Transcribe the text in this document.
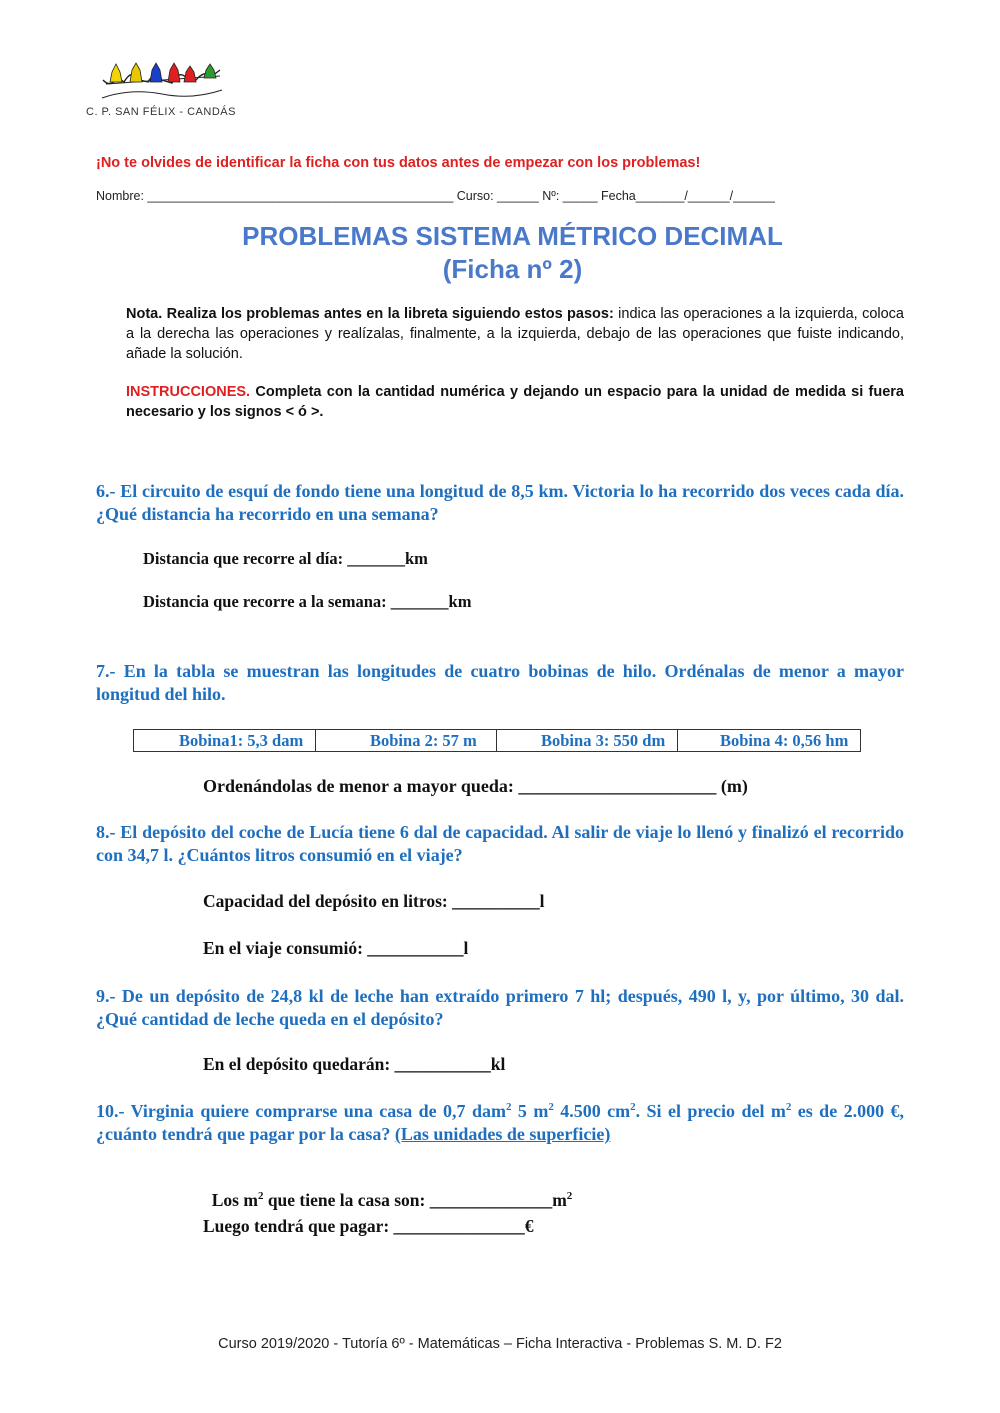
C. P. SAN FÉLIX - CANDÁS
¡No te olvides de identificar la ficha con tus datos antes de empezar con los problemas!
Nombre: ____________________________________________ Curso: ______ Nº: _____ Fecha_______/______/______
PROBLEMAS SISTEMA MÉTRICO DECIMAL
(Ficha nº 2)
Nota. Realiza los problemas antes en la libreta siguiendo estos pasos: indica las operaciones a la izquierda, coloca a la derecha las operaciones y realízalas, finalmente, a la izquierda, debajo de las operaciones que fuiste indicando, añade la solución.
INSTRUCCIONES. Completa con la cantidad numérica y dejando un espacio para la unidad de medida si fuera necesario y los signos < ó >.
6.- El circuito de esquí de fondo tiene una longitud de 8,5 km. Victoria lo ha recorrido dos veces cada día. ¿Qué distancia ha recorrido en una semana?
Distancia que recorre al día: _______km
Distancia que recorre a la semana: _______km
7.- En la tabla se muestran las longitudes de cuatro bobinas de hilo. Ordénalas de menor a mayor longitud del hilo.
Bobina1: 5,3 dam	Bobina 2: 57 m	Bobina 3: 550 dm	Bobina 4: 0,56 hm
Ordenándolas de menor a mayor queda: ______________________ (m)
8.- El depósito del coche de Lucía tiene 6 dal de capacidad. Al salir de viaje lo llenó y finalizó el recorrido con 34,7 l. ¿Cuántos litros consumió en el viaje?
Capacidad del depósito en litros: __________l
En el viaje consumió: ___________l
9.- De un depósito de 24,8 kl de leche han extraído primero 7 hl; después, 490 l, y, por último, 30 dal. ¿Qué cantidad de leche queda en el depósito?
En el depósito quedarán: ___________kl
10.- Virginia quiere comprarse una casa de 0,7 dam$^2$ 5 $m^2$ 4.500 $cm^2$. Si el precio del $m^2$ es de 2.000 €, ¿cuánto tendrá que pagar por la casa? (Las unidades de superficie)

Los $m^2$ que tiene la casa son: $\_\_\_\_\_\_\_\_\_\_\_\_\_\_m^2$

Luego tendrá que pagar: _______________€
Curso 2019/2020 - Tutoría 6º - Matemáticas – Ficha Interactiva - Problemas S. M. D. F2
